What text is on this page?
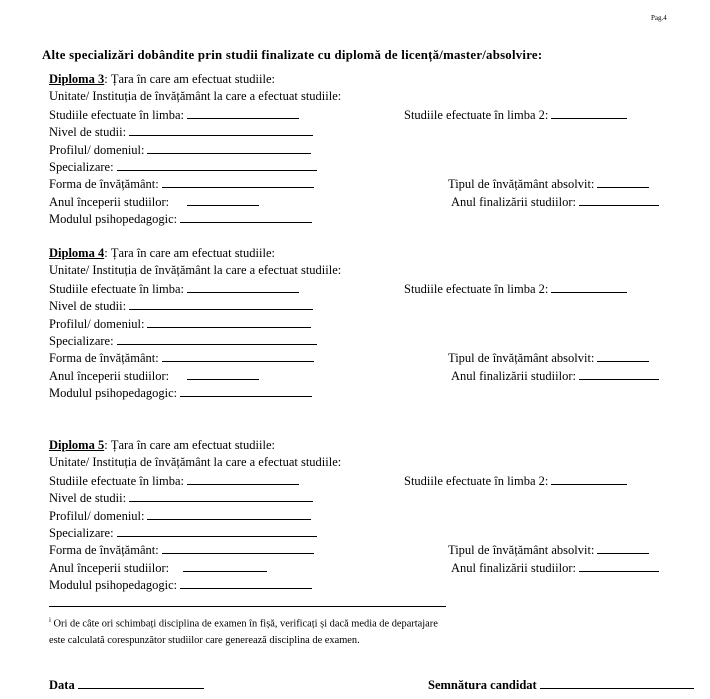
Pag.4
Alte specializări dobândite prin studii finalizate cu diplomă de licență/master/absolvire:
Diploma 3: Țara în care am efectuat studiile:
Unitate/ Instituția de învățământ la care a efectuat studiile:
Studiile efectuate în limba:	Studiile efectuate în limba 2:
Nivel de studii:
Profilul/ domeniul:
Specializare:
Forma de învățământ:	Tipul de învățământ absolvit:
Anul începerii studiilor:	Anul finalizării studiilor:
Modulul psihopedagogic:
Diploma 4: Țara în care am efectuat studiile:
Unitate/ Instituția de învățământ la care a efectuat studiile:
Studiile efectuate în limba:	Studiile efectuate în limba 2:
Nivel de studii:
Profilul/ domeniul:
Specializare:
Forma de învățământ:	Tipul de învățământ absolvit:
Anul începerii studiilor:	Anul finalizării studiilor:
Modulul psihopedagogic:
Diploma 5: Țara în care am efectuat studiile:
Unitate/ Instituția de învățământ la care a efectuat studiile:
Studiile efectuate în limba:	Studiile efectuate în limba 2:
Nivel de studii:
Profilul/ domeniul:
Specializare:
Forma de învățământ:	Tipul de învățământ absolvit:
Anul începerii studiilor:	Anul finalizării studiilor:
Modulul psihopedagogic:
$^i$ Ori de câte ori schimbați disciplina de examen în fișă, verificați și dacă media de departajare este calculată corespunzător studiilor care generează disciplina de examen.
Data	Semnătura candidat
